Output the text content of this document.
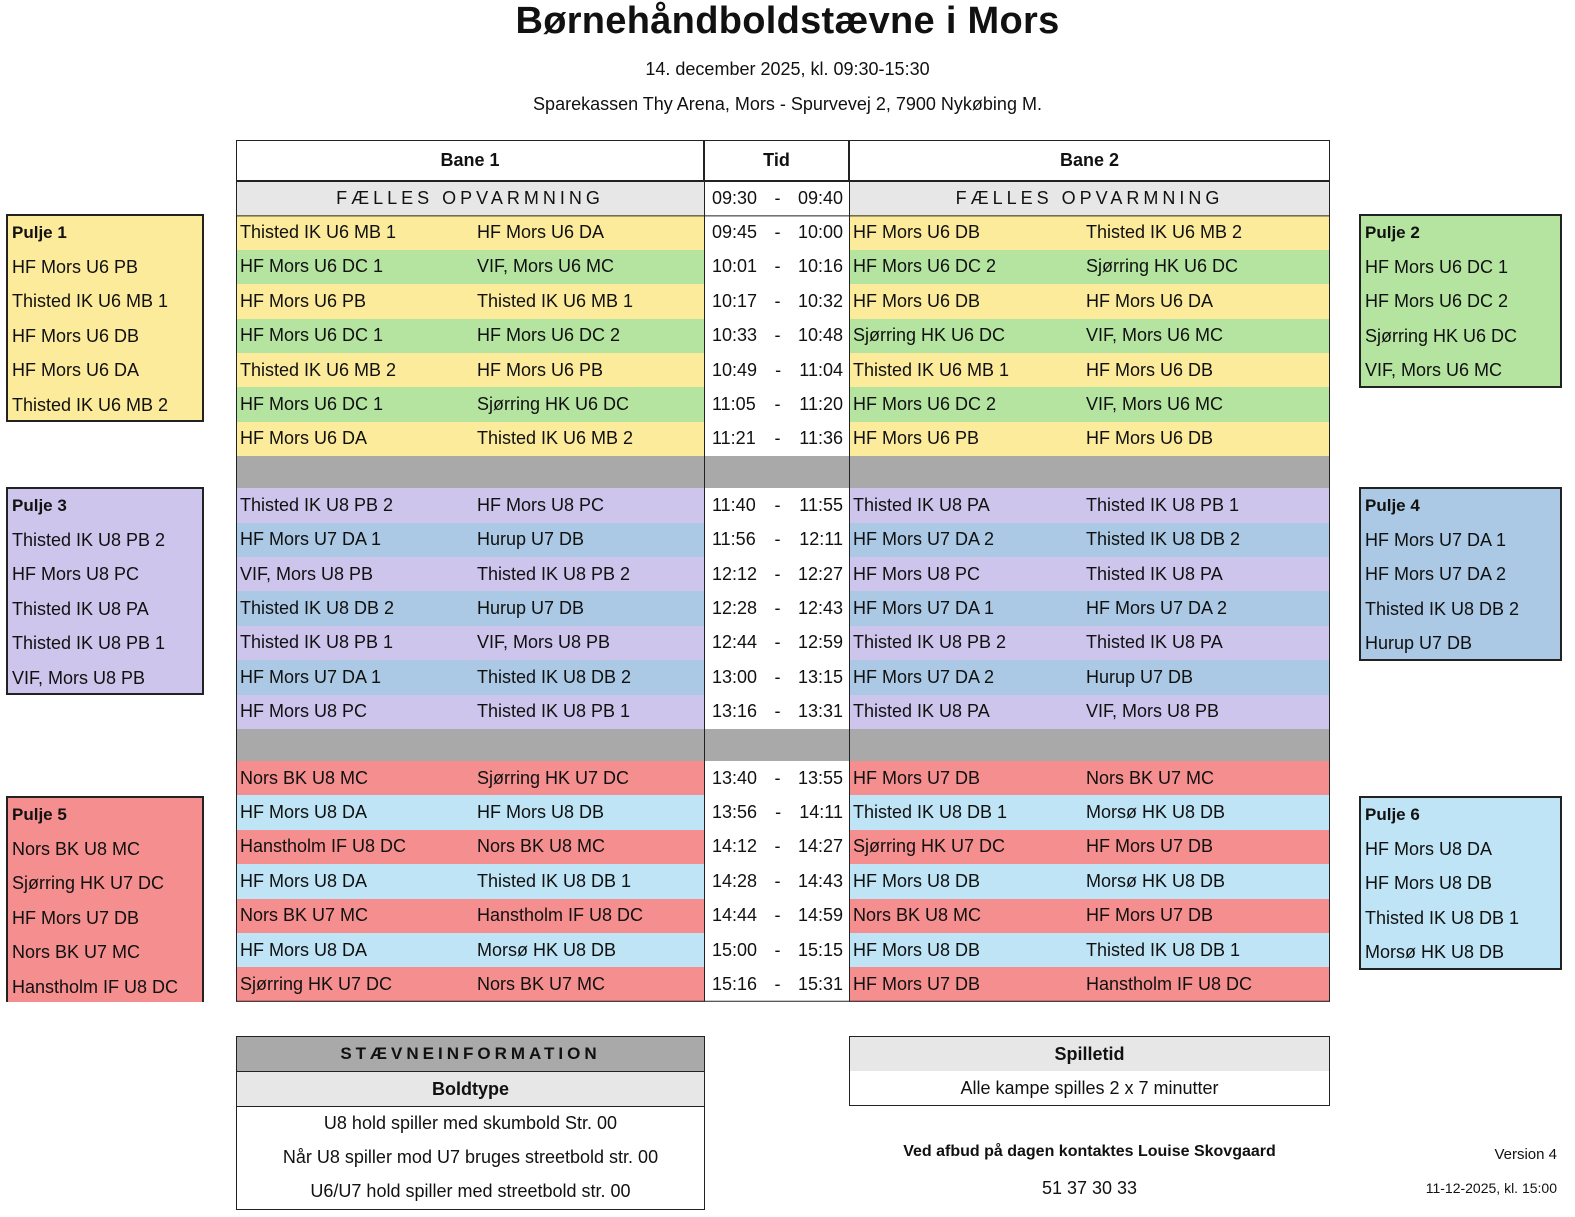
Børnehåndboldstævne i Mors
14. december 2025, kl. 09:30-15:30
Sparekassen Thy Arena, Mors - Spurvevej 2, 7900 Nykøbing M.
Bane 1	Tid	Bane 2
FÆLLES OPVARMNING	09:30 - 09:40	FÆLLES OPVARMNING
Thisted IK U6 MB 1	HF Mors U6 DA	09:45 - 10:00 HF Mors U6 DB	Thisted IK U6 MB 2
HF Mors U6 DC 1	VIF, Mors U6 MC	10:01 - 10:16 HF Mors U6 DC 2	Sjørring HK U6 DC
HF Mors U6 PB	Thisted IK U6 MB 1	10:17 - 10:32 HF Mors U6 DB	HF Mors U6 DA
HF Mors U6 DC 1	HF Mors U6 DC 2	10:33 - 10:48 Sjørring HK U6 DC	VIF, Mors U6 MC
Thisted IK U6 MB 2	HF Mors U6 PB	10:49 - 11:04 Thisted IK U6 MB 1	HF Mors U6 DB
HF Mors U6 DC 1	Sjørring HK U6 DC	11:05 - 11:20 HF Mors U6 DC 2	VIF, Mors U6 MC
HF Mors U6 DA	Thisted IK U6 MB 2	11:21 - 11:36 HF Mors U6 PB	HF Mors U6 DB
Thisted IK U8 PB 2	HF Mors U8 PC	11:40 - 11:55 Thisted IK U8 PA	Thisted IK U8 PB 1
HF Mors U7 DA 1	Hurup U7 DB	11:56 - 12:11 HF Mors U7 DA 2	Thisted IK U8 DB 2
VIF, Mors U8 PB	Thisted IK U8 PB 2	12:12 - 12:27 HF Mors U8 PC	Thisted IK U8 PA
Thisted IK U8 DB 2	Hurup U7 DB	12:28 - 12:43 HF Mors U7 DA 1	HF Mors U7 DA 2
Thisted IK U8 PB 1	VIF, Mors U8 PB	12:44 - 12:59 Thisted IK U8 PB 2	Thisted IK U8 PA
HF Mors U7 DA 1	Thisted IK U8 DB 2	13:00 - 13:15 HF Mors U7 DA 2	Hurup U7 DB
HF Mors U8 PC	Thisted IK U8 PB 1	13:16 - 13:31 Thisted IK U8 PA	VIF, Mors U8 PB
Nors BK U8 MC	Sjørring HK U7 DC	13:40 - 13:55 HF Mors U7 DB	Nors BK U7 MC
HF Mors U8 DA	HF Mors U8 DB	13:56 - 14:11 Thisted IK U8 DB 1	Morsø HK U8 DB
Hanstholm IF U8 DC	Nors BK U8 MC	14:12 - 14:27 Sjørring HK U7 DC	HF Mors U7 DB
HF Mors U8 DA	Thisted IK U8 DB 1	14:28 - 14:43 HF Mors U8 DB	Morsø HK U8 DB
Nors BK U7 MC	Hanstholm IF U8 DC	14:44 - 14:59 Nors BK U8 MC	HF Mors U7 DB
HF Mors U8 DA	Morsø HK U8 DB	15:00 - 15:15 HF Mors U8 DB	Thisted IK U8 DB 1
Sjørring HK U7 DC	Nors BK U7 MC	15:16 - 15:31 HF Mors U7 DB	Hanstholm IF U8 DC
Pulje 1
HF Mors U6 PB
Thisted IK U6 MB 1
HF Mors U6 DB
HF Mors U6 DA
Thisted IK U6 MB 2
Pulje 2
HF Mors U6 DC 1
HF Mors U6 DC 2
Sjørring HK U6 DC
VIF, Mors U6 MC
Pulje 3
Thisted IK U8 PB 2
HF Mors U8 PC
Thisted IK U8 PA
Thisted IK U8 PB 1
VIF, Mors U8 PB
Pulje 4
HF Mors U7 DA 1
HF Mors U7 DA 2
Thisted IK U8 DB 2
Hurup U7 DB
Pulje 5
Nors BK U8 MC
Sjørring HK U7 DC
HF Mors U7 DB
Nors BK U7 MC
Hanstholm IF U8 DC
Pulje 6
HF Mors U8 DA
HF Mors U8 DB
Thisted IK U8 DB 1
Morsø HK U8 DB
STÆVNEINFORMATION
Boldtype
U8 hold spiller med skumbold Str. 00
Når U8 spiller mod U7 bruges streetbold str. 00
U6/U7 hold spiller med streetbold str. 00
Spilletid
Alle kampe spilles 2 x 7 minutter
Ved afbud på dagen kontaktes Louise Skovgaard
51 37 30 33
Version 4
11-12-2025, kl. 15:00
